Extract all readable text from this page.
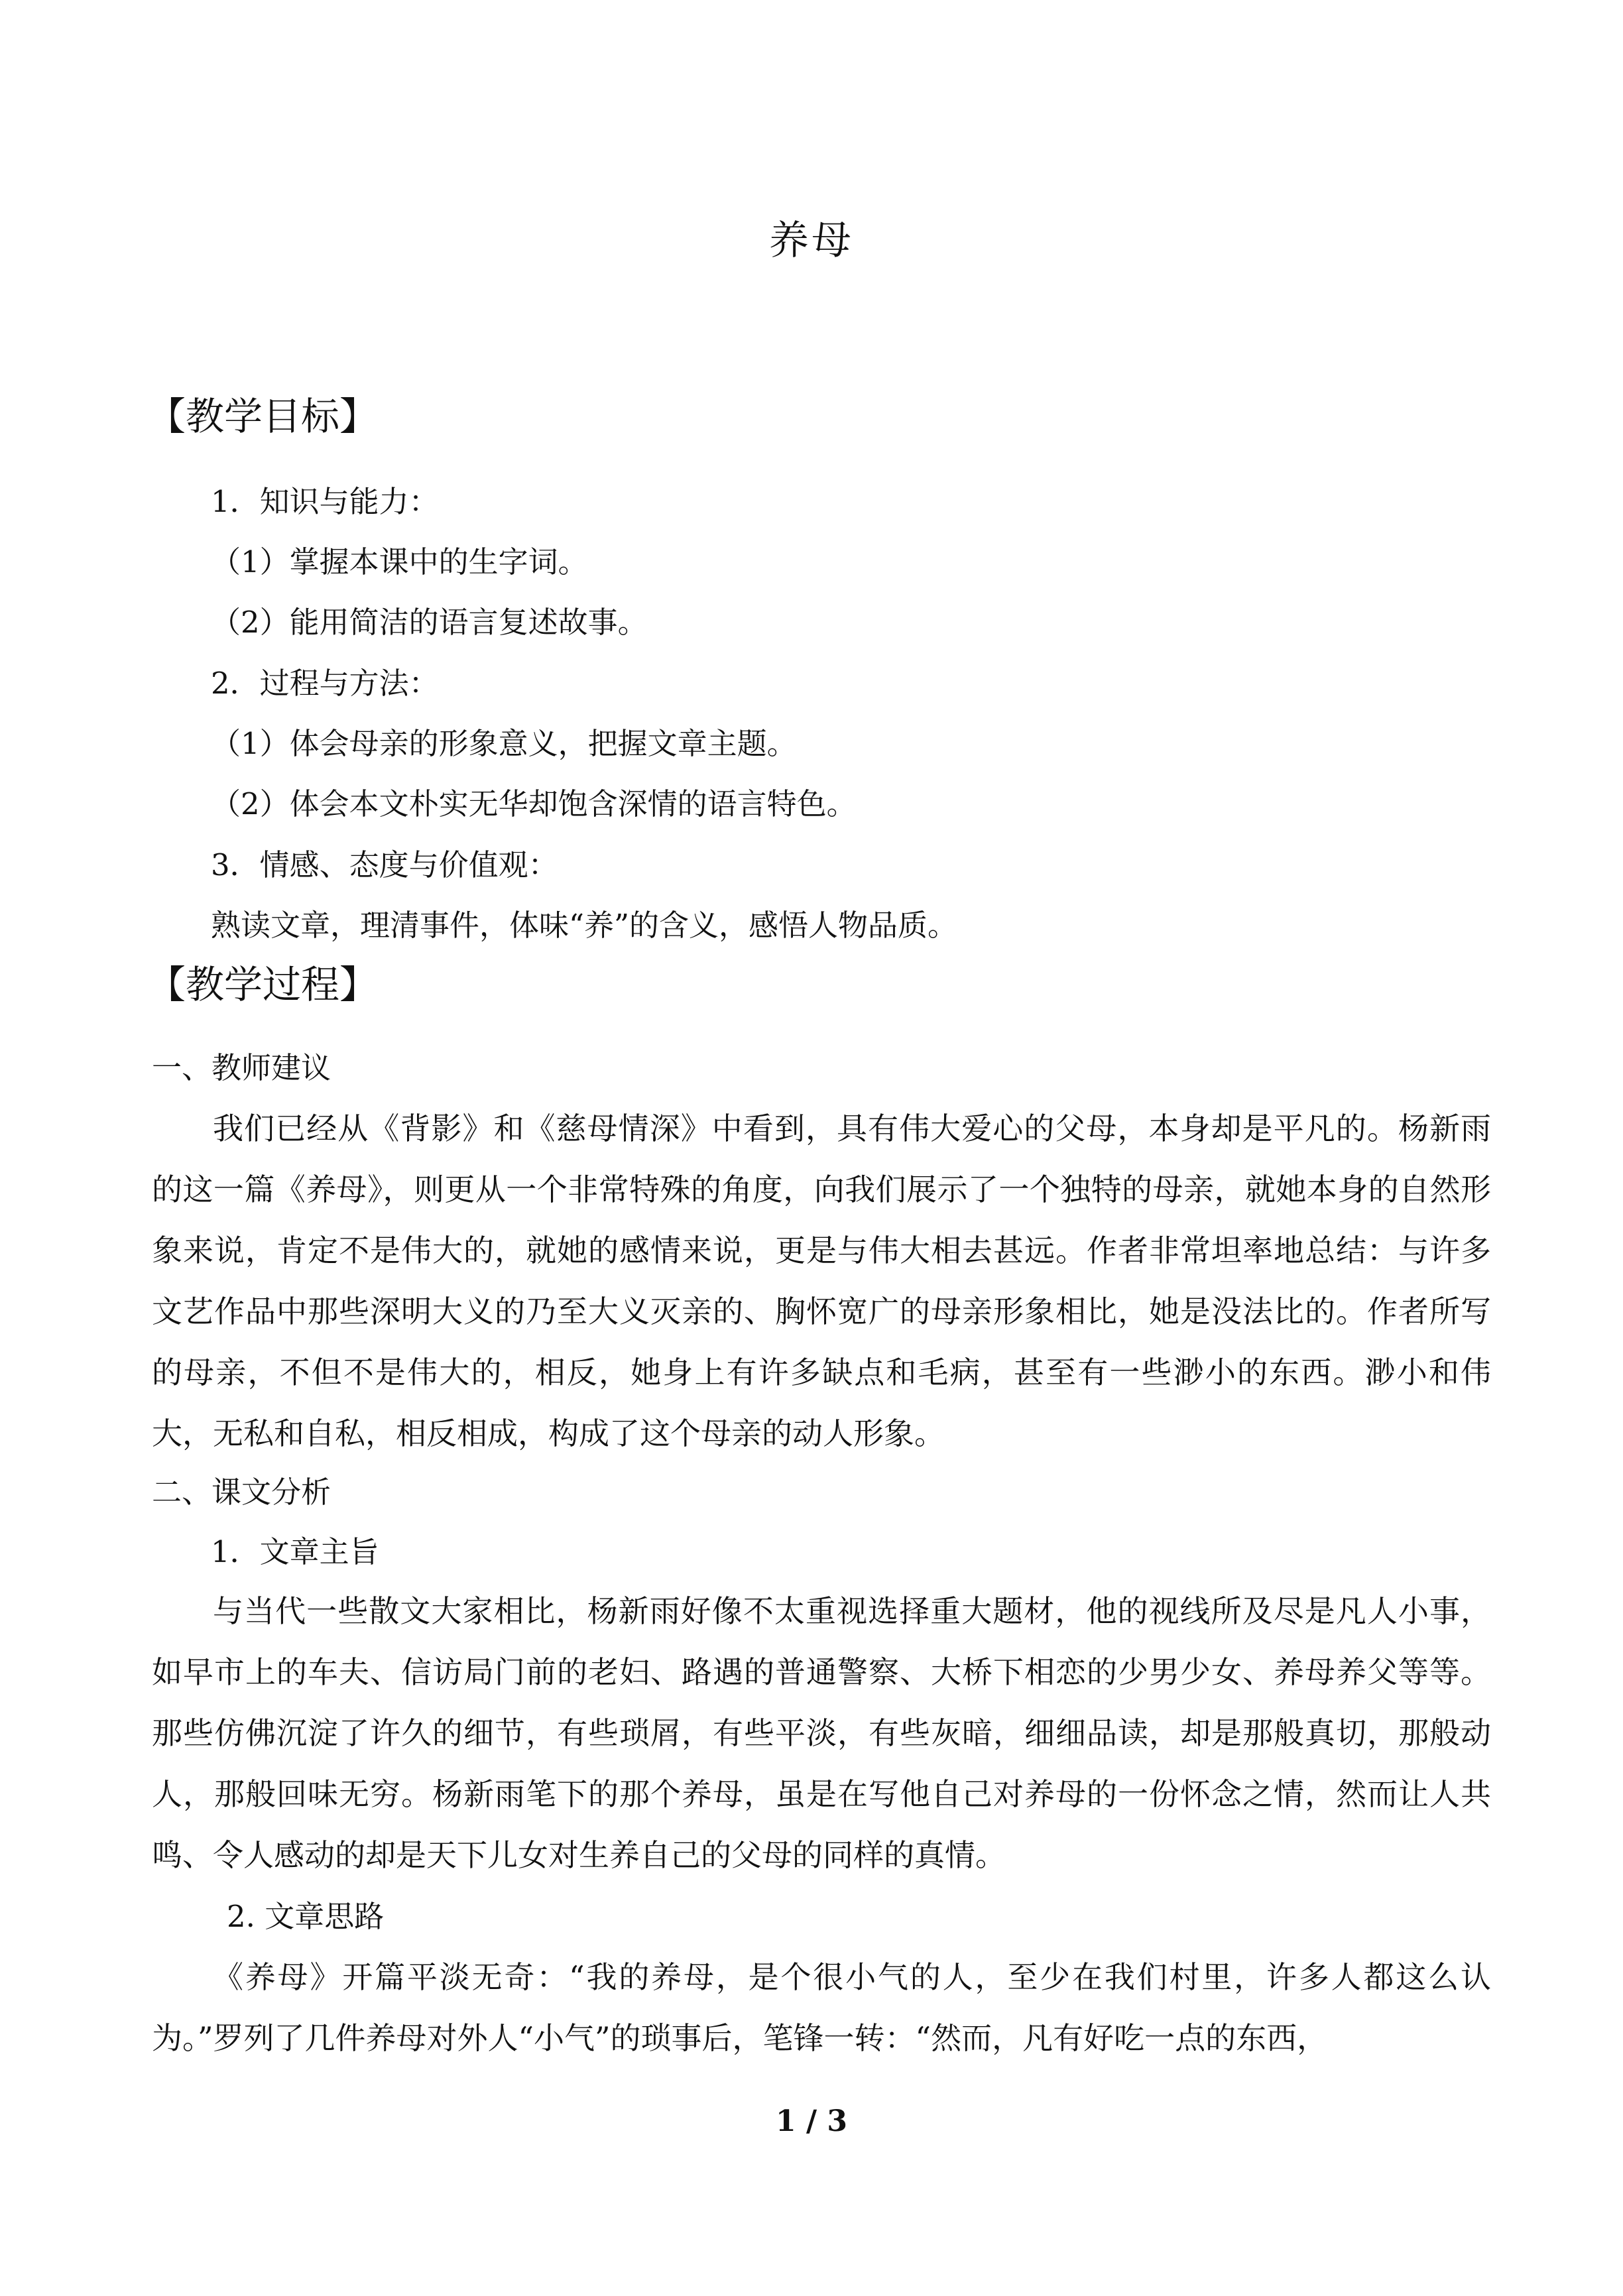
养母
【教学目标】
1．知识与能力：
（1）掌握本课中的生字词。
（2）能用简洁的语言复述故事。
2．过程与方法：
（1）体会母亲的形象意义，把握文章主题。
（2）体会本文朴实无华却饱含深情的语言特色。
3．情感、态度与价值观：
熟读文章，理清事件，体味“养”的含义，感悟人物品质。
【教学过程】
一、教师建议
我们已经从《背影》和《慈母情深》中看到，具有伟大爱心的父母，本身却是平凡的。杨新雨的这一篇《养母》，则更从一个非常特殊的角度，向我们展示了一个独特的母亲，就她本身的自然形象来说，肯定不是伟大的，就她的感情来说，更是与伟大相去甚远。作者非常坦率地总结：与许多文艺作品中那些深明大义的乃至大义灭亲的、胸怀宽广的母亲形象相比，她是没法比的。作者所写的母亲，不但不是伟大的，相反，她身上有许多缺点和毛病，甚至有一些渺小的东西。渺小和伟大，无私和自私，相反相成，构成了这个母亲的动人形象。
二、课文分析
1．文章主旨
与当代一些散文大家相比，杨新雨好像不太重视选择重大题材，他的视线所及尽是凡人小事，如早市上的车夫、信访局门前的老妇、路遇的普通警察、大桥下相恋的少男少女、养母养父等等。那些仿佛沉淀了许久的细节，有些琐屑，有些平淡，有些灰暗，细细品读，却是那般真切，那般动人，那般回味无穷。杨新雨笔下的那个养母，虽是在写他自己对养母的一份怀念之情，然而让人共鸣、令人感动的却是天下儿女对生养自己的父母的同样的真情。
2. 文章思路
《养母》开篇平淡无奇：“我的养母，是个很小气的人，至少在我们村里，许多人都这么认为。”罗列了几件养母对外人“小气”的琐事后，笔锋一转：“然而，凡有好吃一点的东西，
1 / 3
